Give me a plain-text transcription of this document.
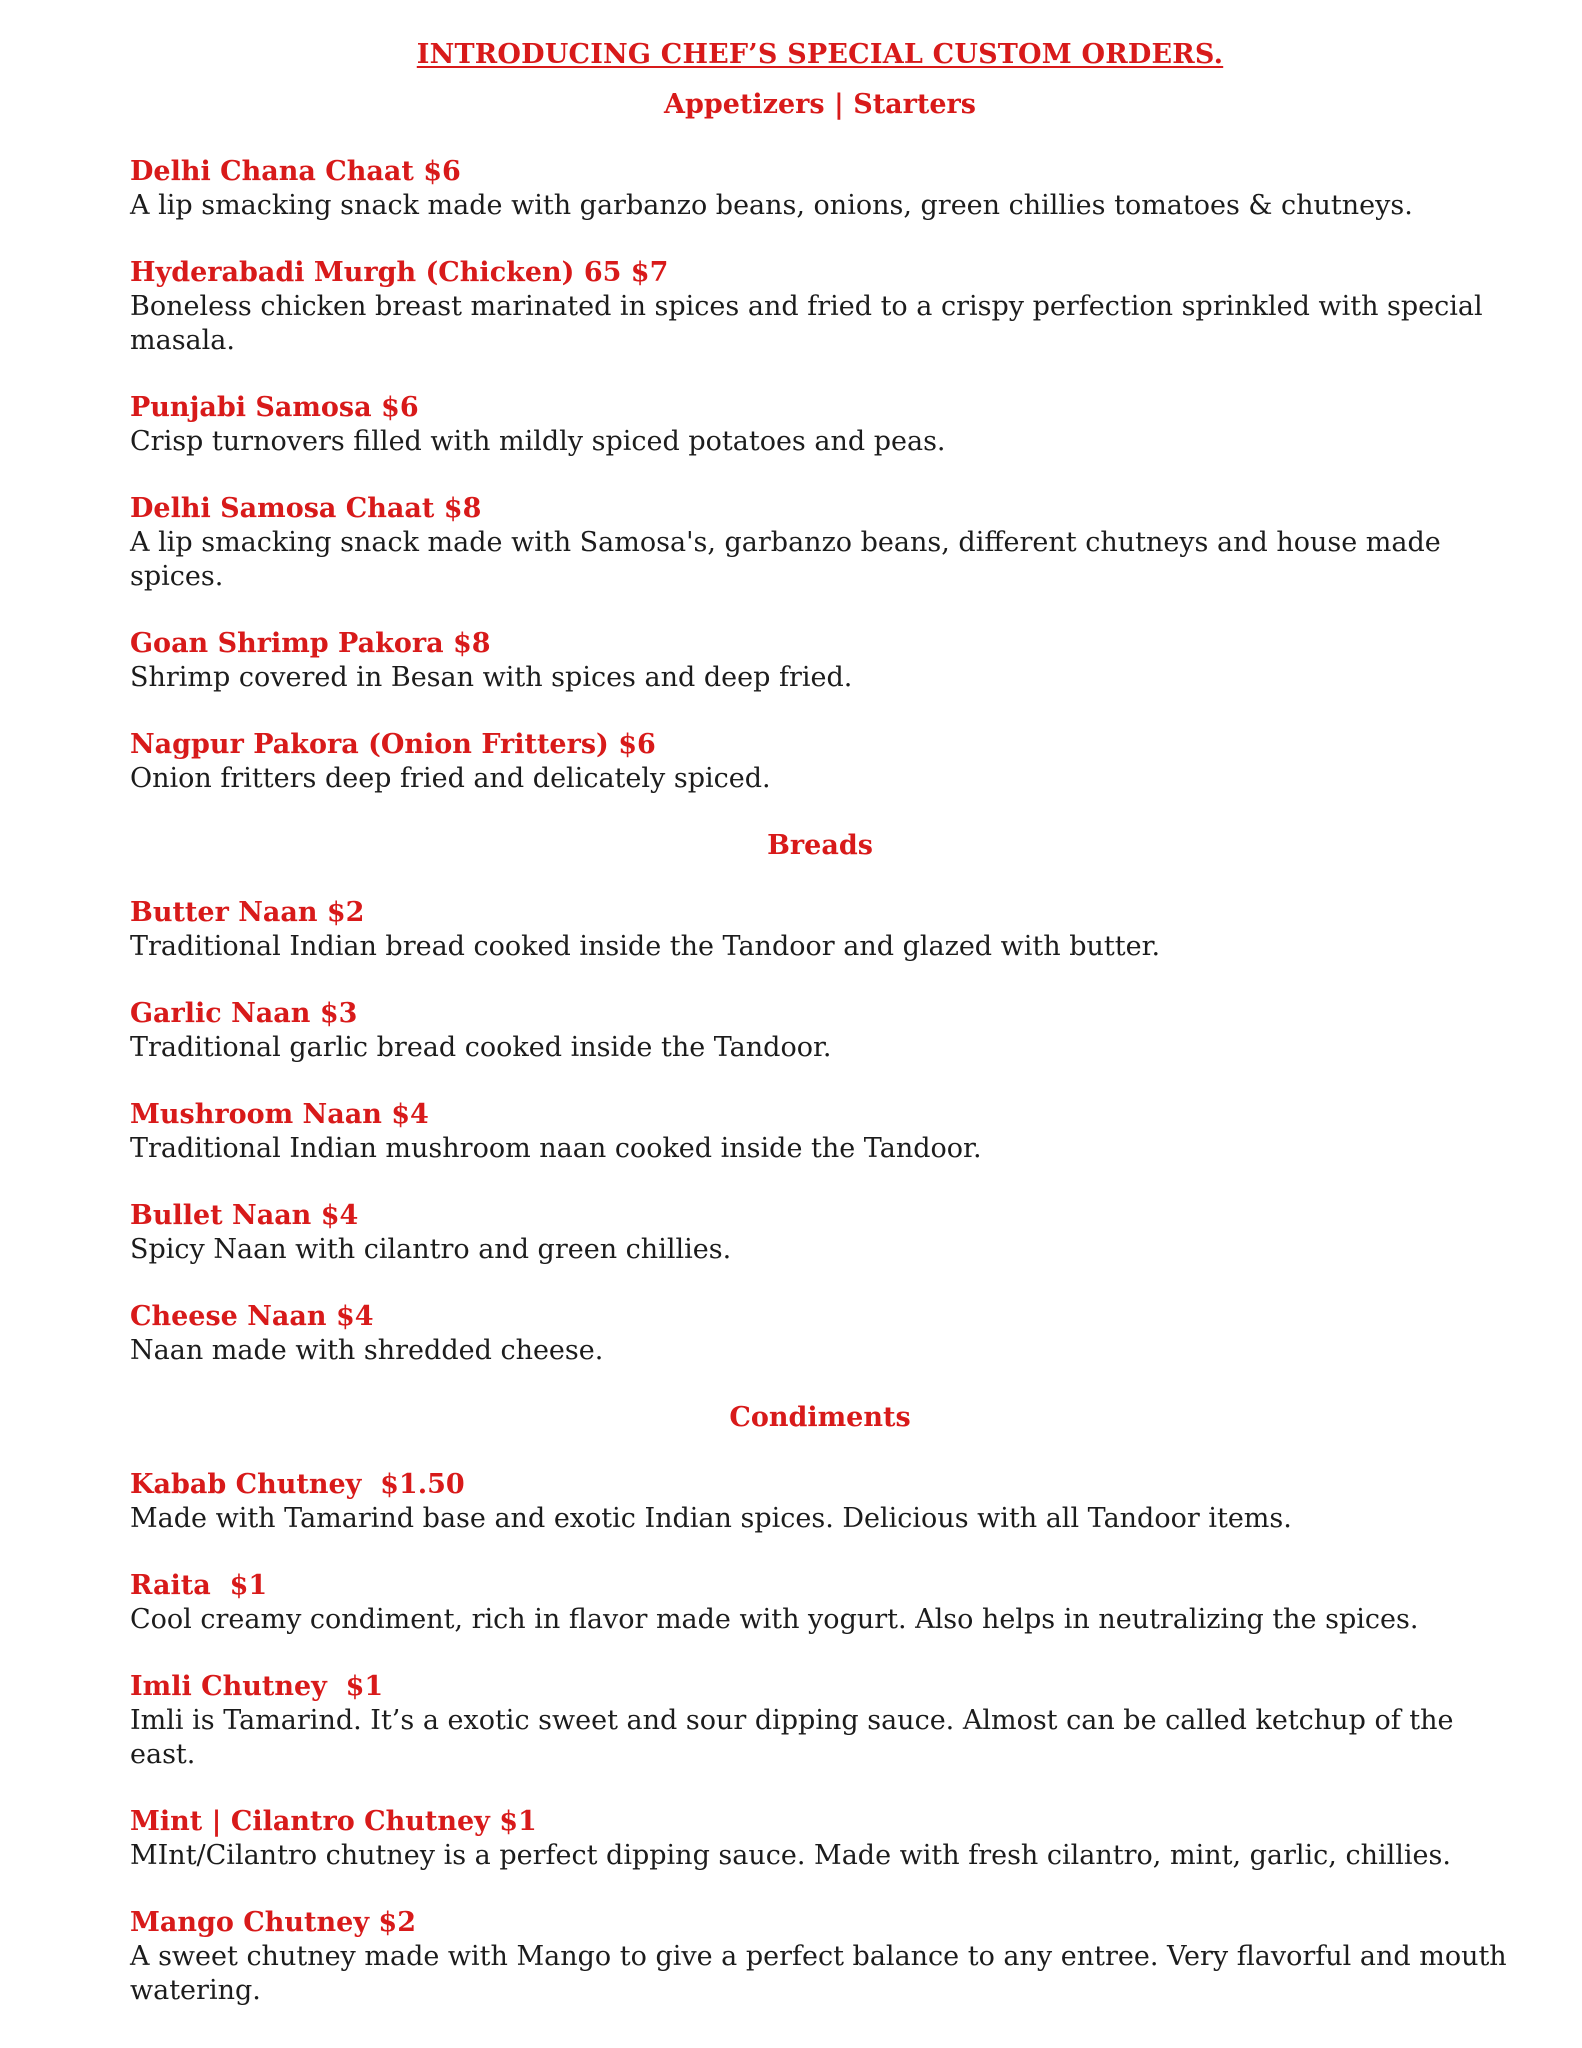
INTRODUCING CHEF’S SPECIAL CUSTOM ORDERS.
Appetizers | Starters

Delhi Chana Chaat $6

A lip smacking snack made with garbanzo beans, onions, green chillies tomatoes & chutneys.

Hyderabadi Murgh (Chicken) 65 $7

Boneless chicken breast marinated in spices and fried to a crispy perfection sprinkled with special masala.

Punjabi Samosa $6

Crisp turnovers filled with mildly spiced potatoes and peas.

Delhi Samosa Chaat $8

A lip smacking snack made with Samosa's, garbanzo beans, different chutneys and house made spices.

Goan Shrimp Pakora $8

Shrimp covered in Besan with spices and deep fried.

Nagpur Pakora (Onion Fritters) $6

Onion fritters deep fried and delicately spiced.

Breads

Butter Naan $2

Traditional Indian bread cooked inside the Tandoor and glazed with butter.

Garlic Naan $3

Traditional garlic bread cooked inside the Tandoor.

Mushroom Naan $4

Traditional Indian mushroom naan cooked inside the Tandoor.

Bullet Naan $4

Spicy Naan with cilantro and green chillies.

Cheese Naan $4

Naan made with shredded cheese.

Condiments

Kabab Chutney  $1.50

Made with Tamarind base and exotic Indian spices. Delicious with all Tandoor items.

Raita  $1

Cool creamy condiment, rich in flavor made with yogurt. Also helps in neutralizing the spices.

Imli Chutney  $1

Imli is Tamarind. It’s a exotic sweet and sour dipping sauce. Almost can be called ketchup of the east.

Mint | Cilantro Chutney $1

MInt/Cilantro chutney is a perfect dipping sauce. Made with fresh cilantro, mint, garlic, chillies.

Mango Chutney $2

A sweet chutney made with Mango to give a perfect balance to any entree. Very flavorful and mouth watering.
